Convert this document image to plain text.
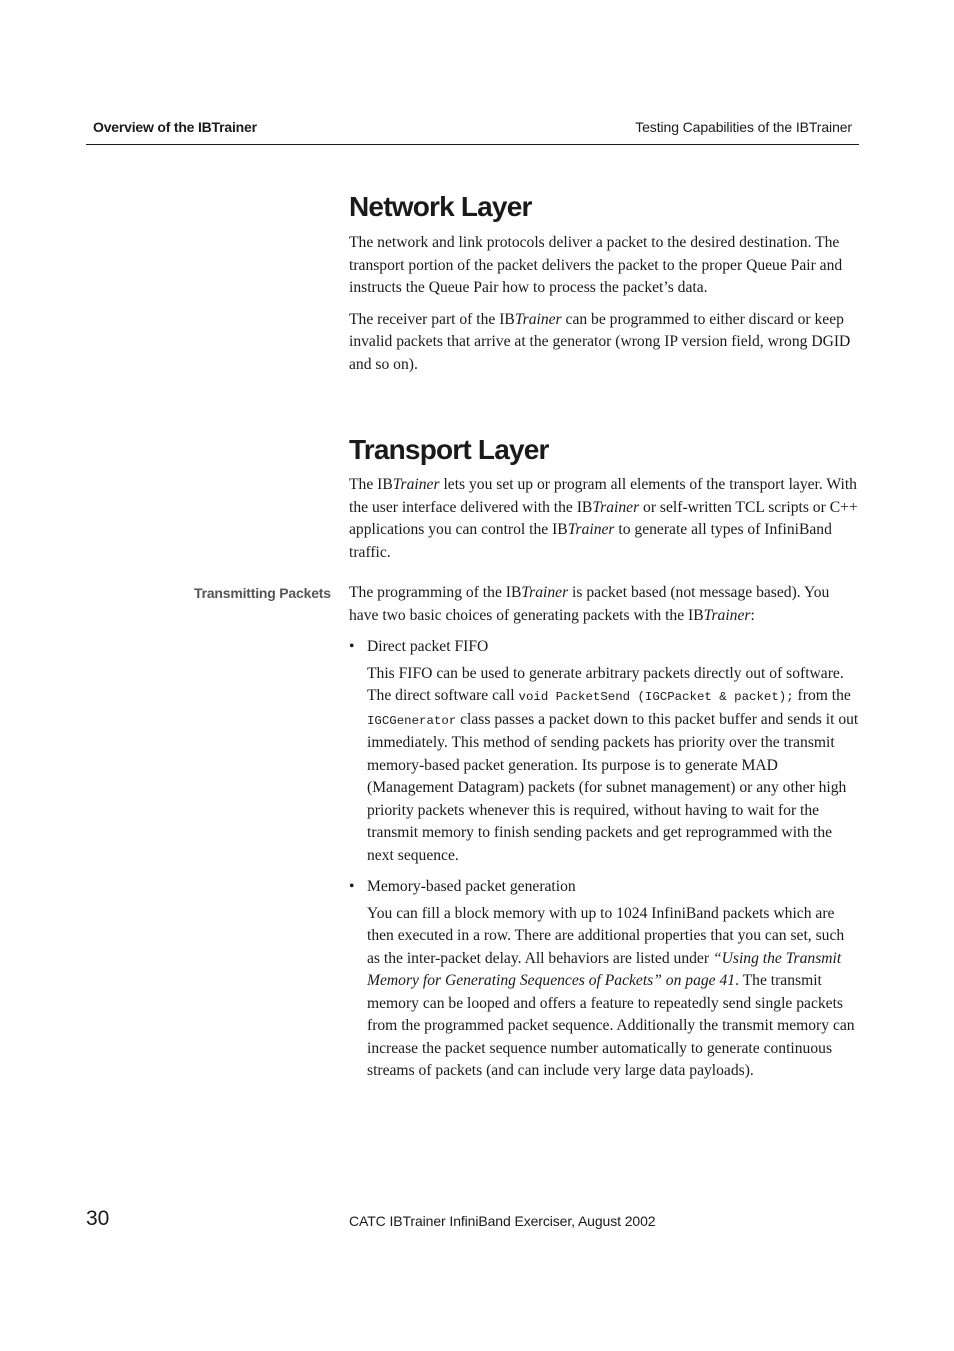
Overview of the IBTrainer	Testing Capabilities of the IBTrainer
Network Layer

The network and link protocols deliver a packet to the desired destination. The transport portion of the packet delivers the packet to the proper Queue Pair and instructs the Queue Pair how to process the packet’s data.

The receiver part of the IBTrainer can be programmed to either discard or keep invalid packets that arrive at the generator (wrong IP version field, wrong DGID and so on).

Transport Layer

The IBTrainer lets you set up or program all elements of the transport layer. With the user interface delivered with the IBTrainer or self-written TCL scripts or C++ applications you can control the IBTrainer to generate all types of InfiniBand traffic.

Transmitting Packets The programming of the IBTrainer is packet based (not message based). You have two basic choices of generating packets with the IBTrainer:

• Direct packet FIFO

This FIFO can be used to generate arbitrary packets directly out of software. The direct software call void PacketSend (IGCPacket & packet); from the IGCGenerator class passes a packet down to this packet buffer and sends it out immediately. This method of sending packets has priority over the transmit memory-based packet generation. Its purpose is to generate MAD (Management Datagram) packets (for subnet management) or any other high priority packets whenever this is required, without having to wait for the transmit memory to finish sending packets and get reprogrammed with the next sequence.

• Memory-based packet generation

You can fill a block memory with up to 1024 InfiniBand packets which are then executed in a row. There are additional properties that you can set, such as the inter-packet delay. All behaviors are listed under “Using the Transmit Memory for Generating Sequences of Packets” on page 41. The transmit memory can be looped and offers a feature to repeatedly send single packets from the programmed packet sequence. Additionally the transmit memory can increase the packet sequence number automatically to generate continuous streams of packets (and can include very large data payloads).

30	CATC IBTrainer InfiniBand Exerciser, August 2002
